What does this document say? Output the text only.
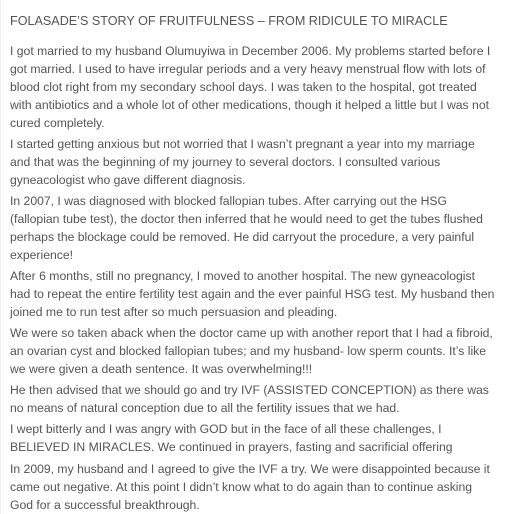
FOLASADE’S STORY OF FRUITFULNESS – FROM RIDICULE TO MIRACLE
I got married to my husband Olumuyiwa in December 2006. My problems started before I
got married. I used to have irregular periods and a very heavy menstrual flow with lots of
blood clot right from my secondary school days. I was taken to the hospital, got treated
with antibiotics and a whole lot of other medications, though it helped a little but I was not
cured completely.
I started getting anxious but not worried that I wasn’t pregnant a year into my marriage
and that was the beginning of my journey to several doctors. I consulted various
gyneacologist who gave different diagnosis.
In 2007, I was diagnosed with blocked fallopian tubes. After carrying out the HSG
(fallopian tube test), the doctor then inferred that he would need to get the tubes flushed
perhaps the blockage could be removed. He did carryout the procedure, a very painful
experience!
After 6 months, still no pregnancy, I moved to another hospital. The new gyneacologist
had to repeat the entire fertility test again and the ever painful HSG test. My husband then
joined me to run test after so much persuasion and pleading.
We were so taken aback when the doctor came up with another report that I had a fibroid,
an ovarian cyst and blocked fallopian tubes; and my husband- low sperm counts. It’s like
we were given a death sentence. It was overwhelming!!!
He then advised that we should go and try IVF (ASSISTED CONCEPTION) as there was
no means of natural conception due to all the fertility issues that we had.
I wept bitterly and I was angry with GOD but in the face of all these challenges, I
BELIEVED IN MIRACLES. We continued in prayers, fasting and sacrificial offering
In 2009, my husband and I agreed to give the IVF a try. We were disappointed because it
came out negative. At this point I didn’t know what to do again than to continue asking
God for a successful breakthrough.
